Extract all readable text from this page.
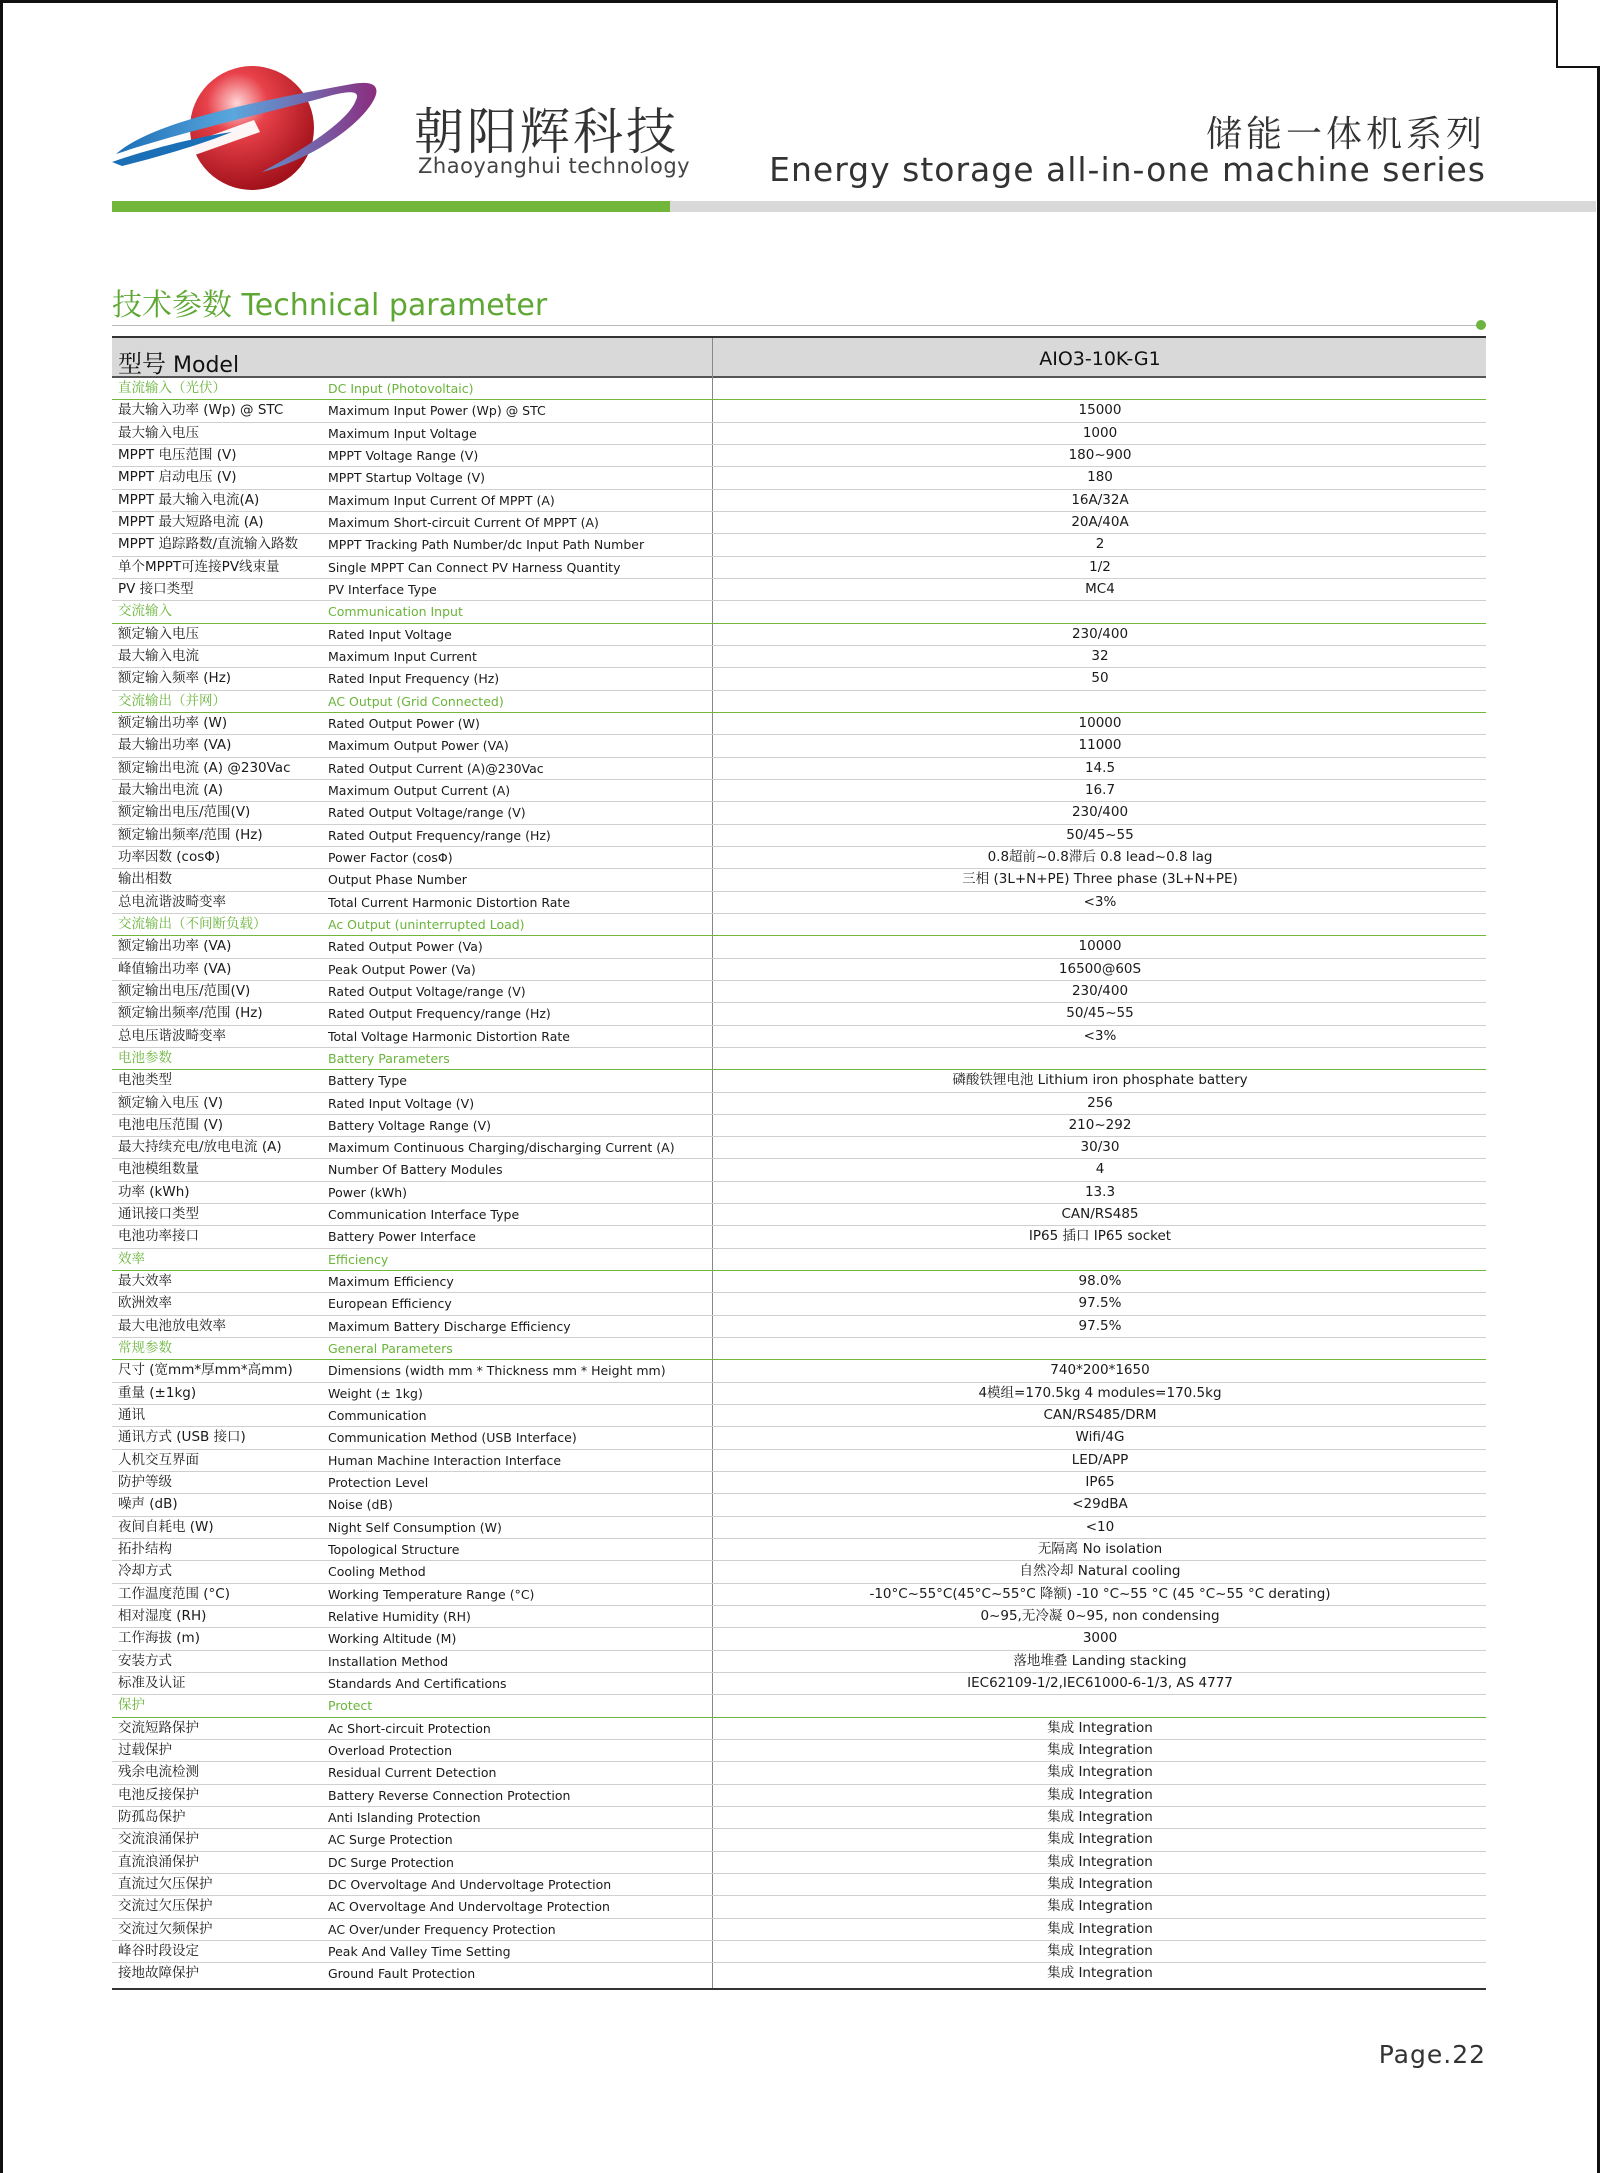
朝阳辉科技
Zhaoyanghui technology
储能一体机系列
Energy storage all-in-one machine series
技术参数 Technical parameter
型号 Model	AIO3-10K-G1
直流输入（光伏）	DC Input (Photovoltaic)
最大输入功率 (Wp) @ STC	Maximum Input Power (Wp) @ STC	15000
最大输入电压	Maximum Input Voltage	1000
MPPT 电压范围 (V)	MPPT Voltage Range (V)	180~900
MPPT 启动电压 (V)	MPPT Startup Voltage (V)	180
MPPT 最大输入电流(A)	Maximum Input Current Of MPPT (A)	16A/32A
MPPT 最大短路电流 (A)	Maximum Short-circuit Current Of MPPT (A)	20A/40A
MPPT 追踪路数/直流输入路数	MPPT Tracking Path Number/dc Input Path Number	2
单个MPPT可连接PV线束量	Single MPPT Can Connect PV Harness Quantity	1/2
PV 接口类型	PV Interface Type	MC4
交流输入	Communication Input
额定输入电压	Rated Input Voltage	230/400
最大输入电流	Maximum Input Current	32
额定输入频率 (Hz)	Rated Input Frequency (Hz)	50
交流输出（并网）	AC Output (Grid Connected)
额定输出功率 (W)	Rated Output Power (W)	10000
最大输出功率 (VA)	Maximum Output Power (VA)	11000
额定输出电流 (A) @230Vac	Rated Output Current (A)@230Vac	14.5
最大输出电流 (A)	Maximum Output Current (A)	16.7
额定输出电压/范围(V)	Rated Output Voltage/range (V)	230/400
额定输出频率/范围 (Hz)	Rated Output Frequency/range (Hz)	50/45~55
功率因数 (cosΦ)	Power Factor (cosΦ)	0.8超前~0.8滞后 0.8 lead~0.8 lag
输出相数	Output Phase Number	三相 (3L+N+PE) Three phase (3L+N+PE)
总电流谐波畸变率	Total Current Harmonic Distortion Rate	<3%
交流输出（不间断负载）	Ac Output (uninterrupted Load)
额定输出功率 (VA)	Rated Output Power (Va)	10000
峰值输出功率 (VA)	Peak Output Power (Va)	16500@60S
额定输出电压/范围(V)	Rated Output Voltage/range (V)	230/400
额定输出频率/范围 (Hz)	Rated Output Frequency/range (Hz)	50/45~55
总电压谐波畸变率	Total Voltage Harmonic Distortion Rate	<3%
电池参数	Battery Parameters
电池类型	Battery Type	磷酸铁锂电池 Lithium iron phosphate battery
额定输入电压 (V)	Rated Input Voltage (V)	256
电池电压范围 (V)	Battery Voltage Range (V)	210~292
最大持续充电/放电电流 (A)	Maximum Continuous Charging/discharging Current (A)	30/30
电池模组数量	Number Of Battery Modules	4
功率 (kWh)	Power (kWh)	13.3
通讯接口类型	Communication Interface Type	CAN/RS485
电池功率接口	Battery Power Interface	IP65 插口 IP65 socket
效率	Efficiency
最大效率	Maximum Efficiency	98.0%
欧洲效率	European Efficiency	97.5%
最大电池放电效率	Maximum Battery Discharge Efficiency	97.5%
常规参数	General Parameters
尺寸 (宽mm*厚mm*高mm)	Dimensions (width mm * Thickness mm * Height mm)	740*200*1650
重量 (±1kg)	Weight (± 1kg)	4模组=170.5kg 4 modules=170.5kg
通讯	Communication	CAN/RS485/DRM
通讯方式 (USB 接口)	Communication Method (USB Interface)	Wifi/4G
人机交互界面	Human Machine Interaction Interface	LED/APP
防护等级	Protection Level	IP65
噪声 (dB)	Noise (dB)	<29dBA
夜间自耗电 (W)	Night Self Consumption (W)	<10
拓扑结构	Topological Structure	无隔离 No isolation
冷却方式	Cooling Method	自然冷却 Natural cooling
工作温度范围 (°C)	Working Temperature Range (°C)	-10°C~55°C(45°C~55°C 降额) -10 °C~55 °C (45 °C~55 °C derating)
相对湿度 (RH)	Relative Humidity (RH)	0~95,无冷凝 0~95, non condensing
工作海拔 (m)	Working Altitude (M)	3000
安装方式	Installation Method	落地堆叠 Landing stacking
标准及认证	Standards And Certifications	IEC62109-1/2,IEC61000-6-1/3, AS 4777
保护	Protect
交流短路保护	Ac Short-circuit Protection	集成 Integration
过载保护	Overload Protection	集成 Integration
残余电流检测	Residual Current Detection	集成 Integration
电池反接保护	Battery Reverse Connection Protection	集成 Integration
防孤岛保护	Anti Islanding Protection	集成 Integration
交流浪涌保护	AC Surge Protection	集成 Integration
直流浪涌保护	DC Surge Protection	集成 Integration
直流过欠压保护	DC Overvoltage And Undervoltage Protection	集成 Integration
交流过欠压保护	AC Overvoltage And Undervoltage Protection	集成 Integration
交流过欠频保护	AC Over/under Frequency Protection	集成 Integration
峰谷时段设定	Peak And Valley Time Setting	集成 Integration
接地故障保护	Ground Fault Protection	集成 Integration
Page.22
